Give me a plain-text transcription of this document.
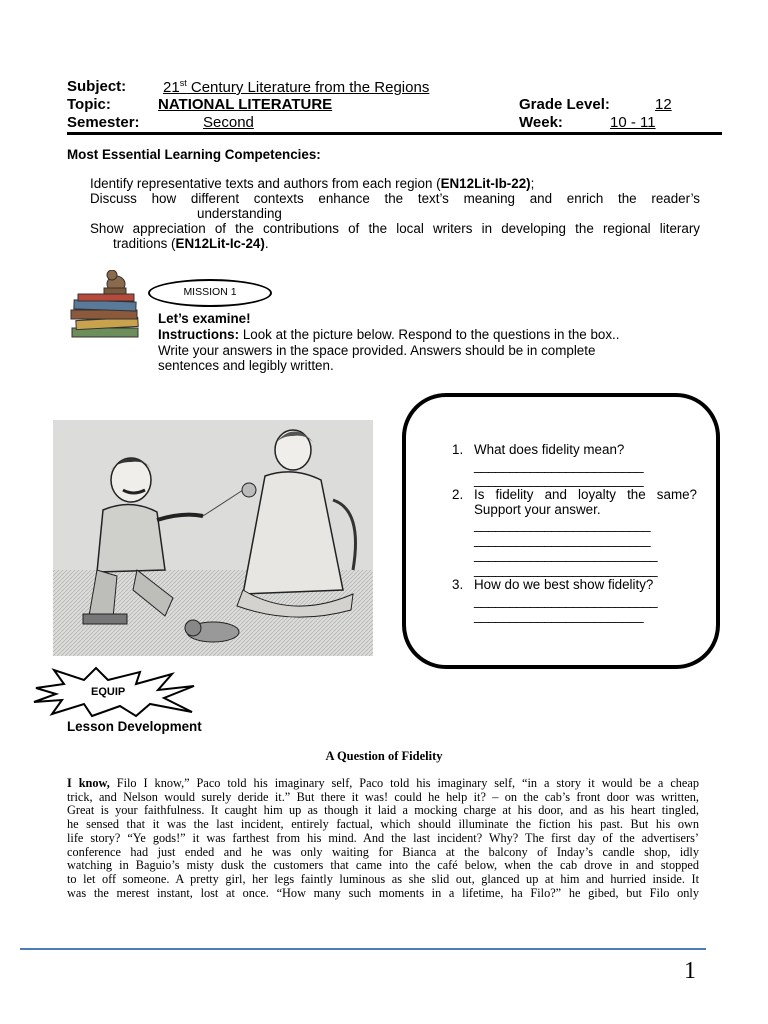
Subject: 21st Century Literature from the Regions
Topic:	NATIONAL LITERATURE	Grade Level:	12
Semester:	Second	Week:	10 - 11
Most Essential Learning Competencies:
Identify representative texts and authors from each region (EN12Lit-Ib-22);
Discuss how different contexts enhance the text’s meaning and enrich the reader’s
understanding
Show appreciation of the contributions of the local writers in developing the regional literary
traditions (EN12Lit-Ic-24).
MISSION 1
Let’s examine!
Instructions: Look at the picture below. Respond to the questions in the box..
Write your answers in the space provided. Answers should be in complete
sentences and legibly written.
1. What does fidelity mean?
________________________
________________________
2. Is fidelity and loyalty the same?
Support your answer.
_________________________
_________________________
__________________________
__________________________
3. How do we best show fidelity?
__________________________
________________________
EQUIP
Lesson Development
A Question of Fidelity
I know, Filo I know,” Paco told his imaginary self, Paco told his imaginary self, “in a story it would be a cheap
trick, and Nelson would surely deride it.” But there it was! could he help it? – on the cab’s front door was written,
Great is your faithfulness. It caught him up as though it laid a mocking charge at his door, and as his heart tingled,
he sensed that it was the last incident, entirely factual, which should illuminate the fiction his past. But his own
life story? “Ye gods!” it was farthest from his mind. And the last incident? Why? The first day of the advertisers’
conference had just ended and he was only waiting for Bianca at the balcony of Inday’s candle shop, idly
watching in Baguio’s misty dusk the customers that came into the café below, when the cab drove in and stopped
to let off someone. A pretty girl, her legs faintly luminous as she slid out, glanced up at him and hurried inside. It
was the merest instant, lost at once. “How many such moments in a lifetime, ha Filo?” he gibed, but Filo only
1
